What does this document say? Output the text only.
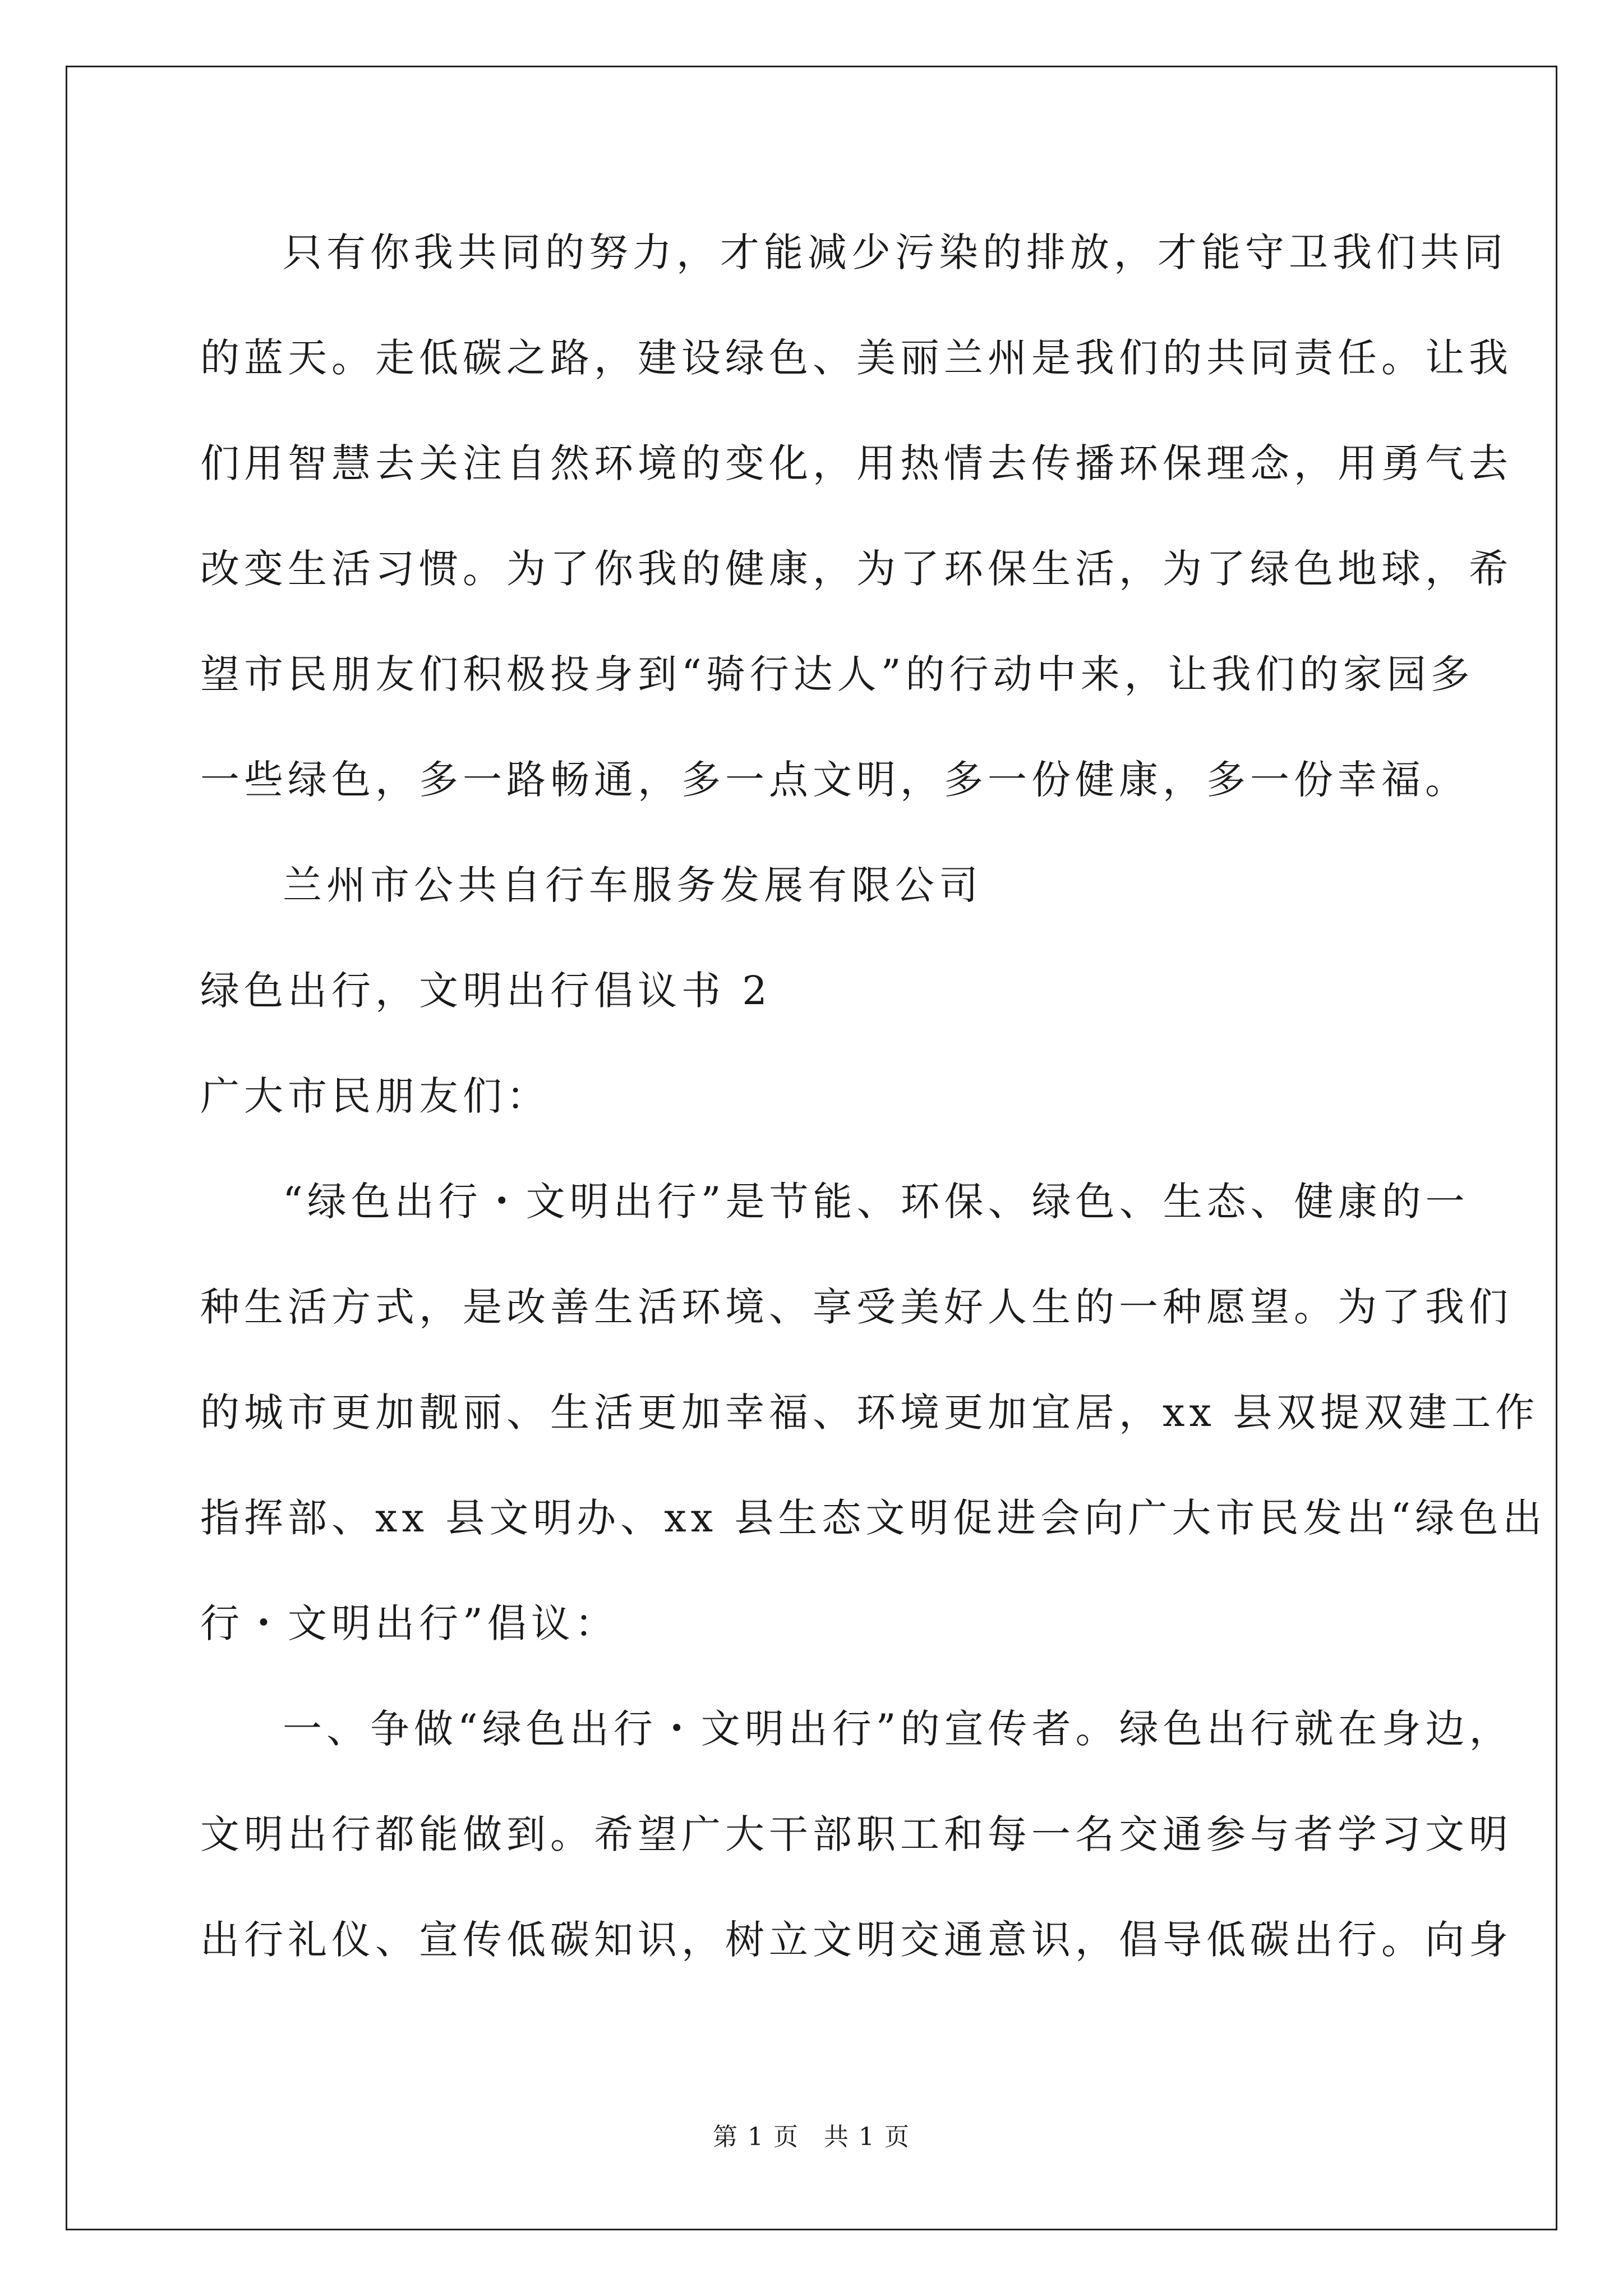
只有你我共同的努力，才能减少污染的排放，才能守卫我们共同
的蓝天。走低碳之路，建设绿色、美丽兰州是我们的共同责任。让我
们用智慧去关注自然环境的变化，用热情去传播环保理念，用勇气去
改变生活习惯。为了你我的健康，为了环保生活，为了绿色地球，希
望市民朋友们积极投身到“骑行达人”的行动中来，让我们的家园多
一些绿色，多一路畅通，多一点文明，多一份健康，多一份幸福。
兰州市公共自行车服务发展有限公司
绿色出行，文明出行倡议书 2
广大市民朋友们：
“绿色出行・文明出行”是节能、环保、绿色、生态、健康的一
种生活方式，是改善生活环境、享受美好人生的一种愿望。为了我们
的城市更加靓丽、生活更加幸福、环境更加宜居，xx 县双提双建工作
指挥部、xx 县文明办、xx 县生态文明促进会向广大市民发出“绿色出
行・文明出行”倡议：
一、争做“绿色出行・文明出行”的宣传者。绿色出行就在身边，
文明出行都能做到。希望广大干部职工和每一名交通参与者学习文明
出行礼仪、宣传低碳知识，树立文明交通意识，倡导低碳出行。向身
第 1 页 共 1 页
